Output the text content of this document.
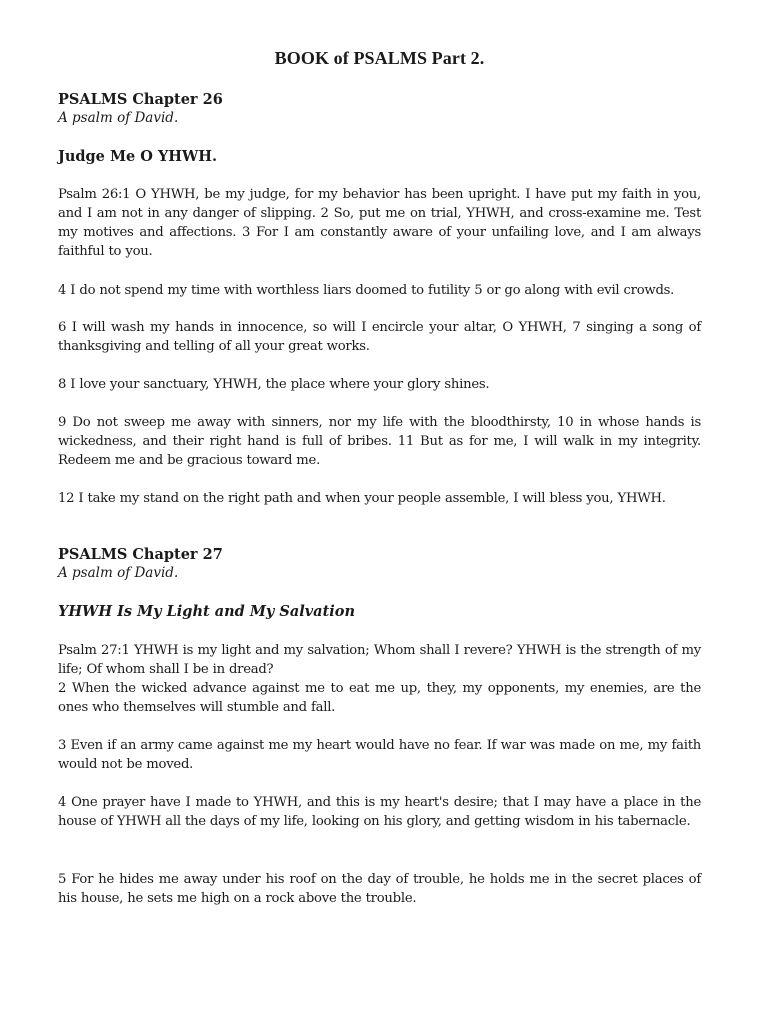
BOOK of PSALMS Part 2.
PSALMS Chapter 26
A psalm of David.
Judge Me O YHWH.
Psalm 26:1 O YHWH, be my judge, for my behavior has been upright. I have put my faith in you, and I am not in any danger of slipping. 2 So, put me on trial, YHWH, and cross-examine me. Test my motives and affections. 3 For I am constantly aware of your unfailing love, and I am always faithful to you.
4 I do not spend my time with worthless liars doomed to futility 5 or go along with evil crowds.
6 I will wash my hands in innocence, so will I encircle your altar, O YHWH, 7 singing a song of thanksgiving and telling of all your great works.
8 I love your sanctuary, YHWH, the place where your glory shines.
9 Do not sweep me away with sinners, nor my life with the bloodthirsty, 10 in whose hands is wickedness, and their right hand is full of bribes. 11 But as for me, I will walk in my integrity. Redeem me and be gracious toward me.
12 I take my stand on the right path and when your people assemble, I will bless you, YHWH.
PSALMS Chapter 27
A psalm of David.
YHWH Is My Light and My Salvation
Psalm 27:1 YHWH is my light and my salvation; Whom shall I revere? YHWH is the strength of my life; Of whom shall I be in dread?
2 When the wicked advance against me to eat me up, they, my opponents, my enemies, are the ones who themselves will stumble and fall.
3 Even if an army came against me my heart would have no fear. If war was made on me, my faith would not be moved.
4 One prayer have I made to YHWH, and this is my heart's desire; that I may have a place in the house of YHWH all the days of my life, looking on his glory, and getting wisdom in his tabernacle.
5 For he hides me away under his roof on the day of trouble, he holds me in the secret places of his house, he sets me high on a rock above the trouble.
